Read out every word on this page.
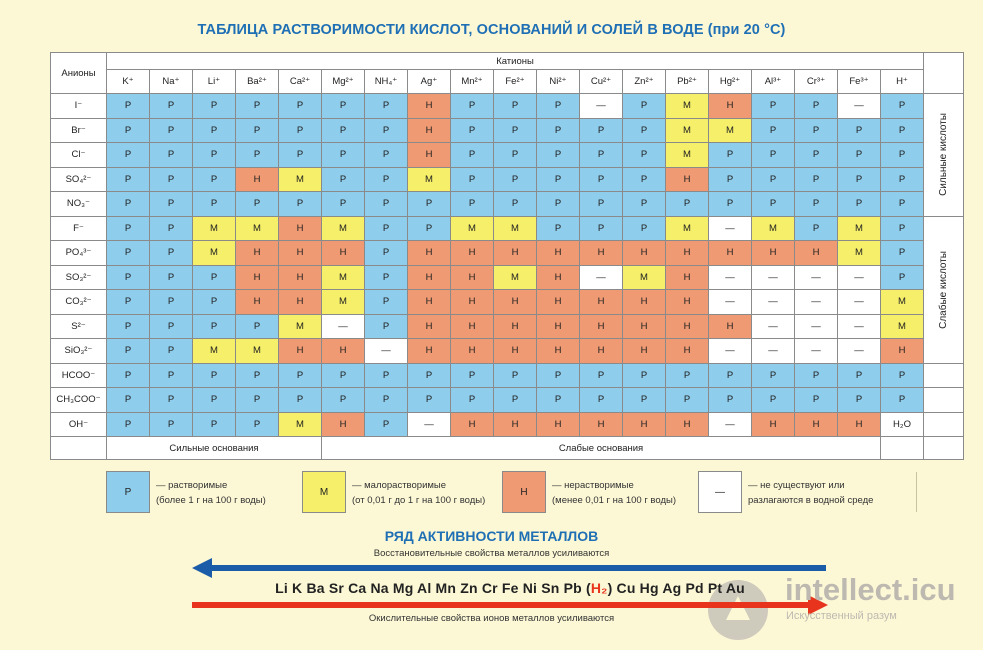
ТАБЛИЦА РАСТВОРИМОСТИ КИСЛОТ, ОСНОВАНИЙ И СОЛЕЙ В ВОДЕ (при 20 °С)
Анионы	Катионы																			
	K⁺	Na⁺	Li⁺	Ba²⁺	Ca²⁺	Mg²⁺	NH₄⁺	Ag⁺	Mn²⁺	Fe²⁺	Ni²⁺	Cu²⁺	Zn²⁺	Pb²⁺	Hg²⁺	Al³⁺	Cr³⁺	Fe³⁺	H⁺	
I⁻	Р	Р	Р	Р	Р	Р	Р	Н	Р	Р	Р	—	Р	М	Н	Р	Р	—	Р	Сильные кислоты

Br⁻	Р	Р	Р	Р	Р	Р	Р	Н	Р	Р	Р	Р	Р	М	М	Р	Р	Р	Р	
Cl⁻	Р	Р	Р	Р	Р	Р	Р	Н	Р	Р	Р	Р	Р	М	Р	Р	Р	Р	Р	
SO₄²⁻	Р	Р	Р	Н	М	Р	Р	М	Р	Р	Р	Р	Р	Н	Р	Р	Р	Р	Р	
NO₃⁻	Р	Р	Р	Р	Р	Р	Р	Р	Р	Р	Р	Р	Р	Р	Р	Р	Р	Р	Р	
F⁻	Р	Р	М	М	Н	М	Р	Р	М	М	Р	Р	Р	М	—	М	Р	М	Р	Слабые кислоты

PO₄³⁻	Р	Р	М	Н	Н	Н	Р	Н	Н	Н	Н	Н	Н	Н	Н	Н	Н	М	Р	
SO₃²⁻	Р	Р	Р	Н	Н	М	Р	Н	Н	М	Н	—	М	Н	—	—	—	—	Р	
CO₃²⁻	Р	Р	Р	Н	Н	М	Р	Н	Н	Н	Н	Н	Н	Н	—	—	—	—	М	
S²⁻	Р	Р	Р	Р	М	—	Р	Н	Н	Н	Н	Н	Н	Н	Н	—	—	—	М	
SiO₃²⁻	Р	Р	М	М	Н	Н	—	Н	Н	Н	Н	Н	Н	Н	—	—	—	—	Н	
HCOO⁻	Р	Р	Р	Р	Р	Р	Р	Р	Р	Р	Р	Р	Р	Р	Р	Р	Р	Р	Р	
CH₃COO⁻	Р	Р	Р	Р	Р	Р	Р	Р	Р	Р	Р	Р	Р	Р	Р	Р	Р	Р	Р	
OH⁻	Р	Р	Р	Р	М	Н	Р	—	Н	Н	Н	Н	Н	Н	—	Н	Н	Н	H₂O	
	Сильные основания					Слабые основания														
Р
— растворимые
(более 1 г на 100 г воды)
М
— малорастворимые
(от 0,01 г до 1 г на 100 г воды)
Н
— нерастворимые
(менее 0,01 г на 100 г воды)
—
— не существуют или
разлагаются в водной среде
РЯД АКТИВНОСТИ МЕТАЛЛОВ
Восстановительные свойства металлов усиливаются
Li K Ba Sr Ca Na Mg Al Mn Zn Cr Fe Ni Sn Pb (H₂) Cu Hg Ag Pd Pt Au
Окислительные свойства ионов металлов усиливаются
intellect.icu
Искусственный разум
